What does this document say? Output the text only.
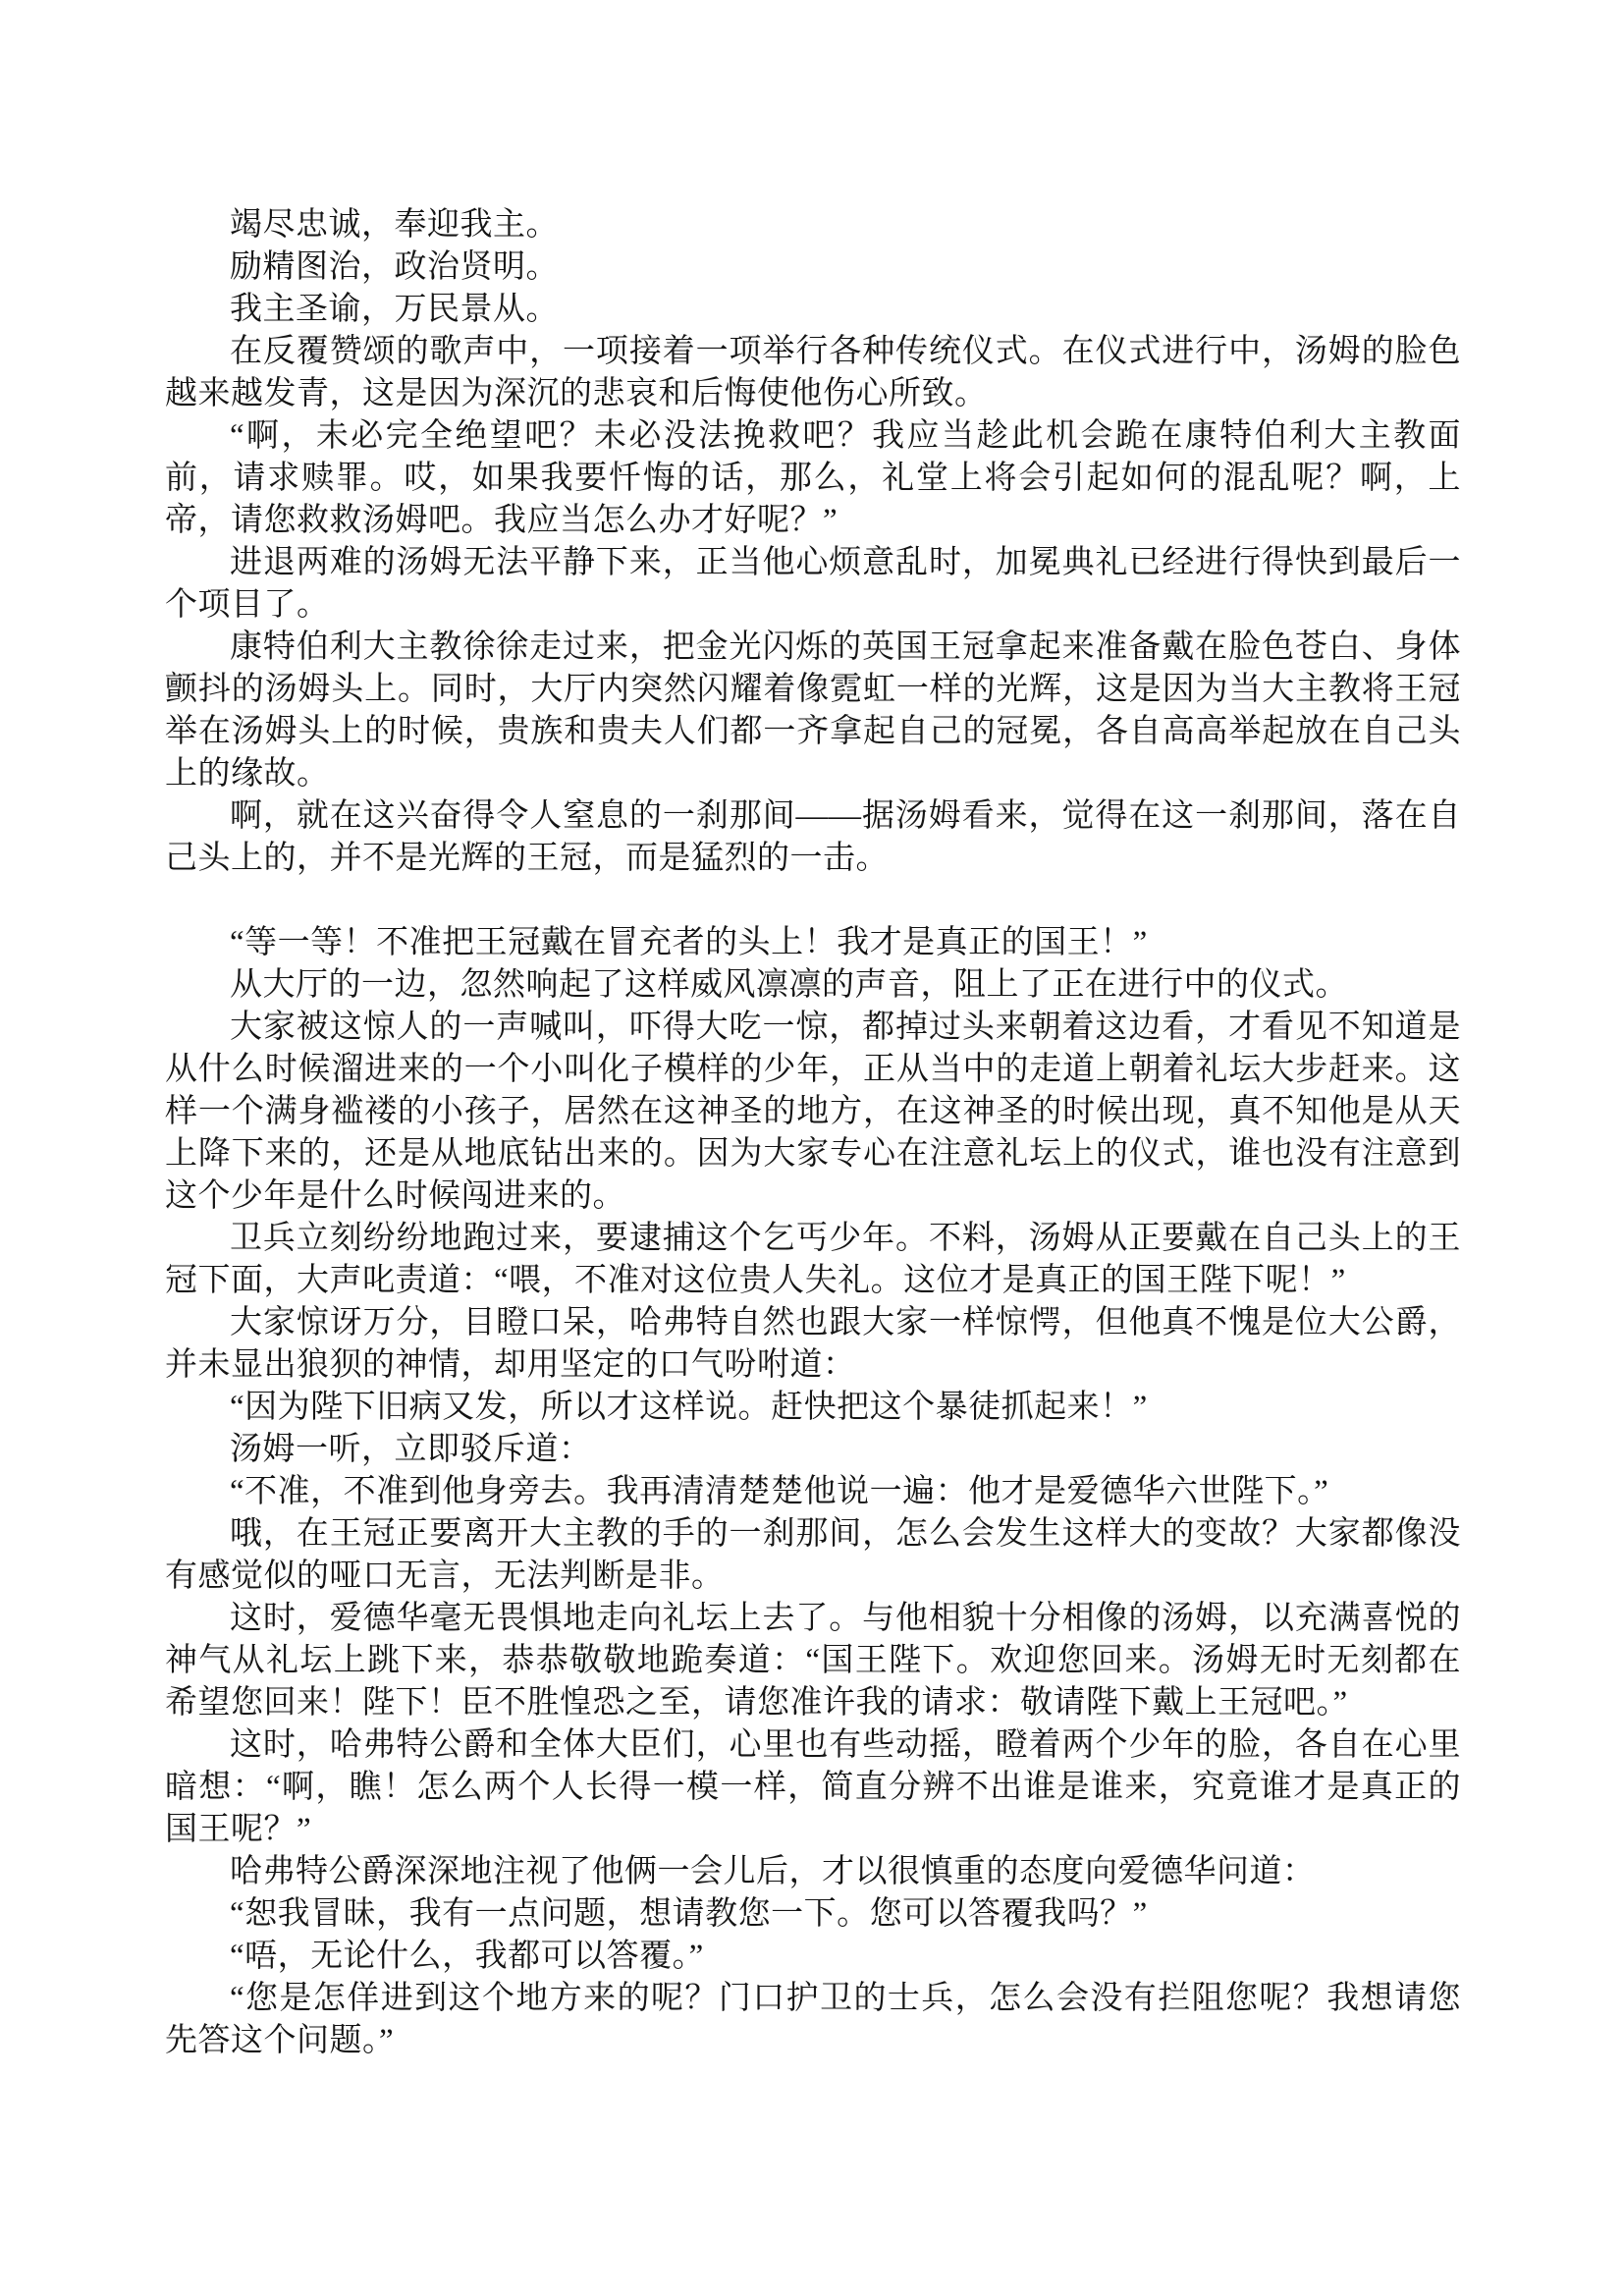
竭尽忠诚，奉迎我主。

励精图治，政治贤明。

我主圣谕，万民景从。

在反覆赞颂的歌声中，一项接着一项举行各种传统仪式。在仪式进行中，汤姆的脸色越来越发青，这是因为深沉的悲哀和后悔使他伤心所致。

“啊，未必完全绝望吧？未必没法挽救吧？我应当趁此机会跪在康特伯利大主教面前，请求赎罪。哎，如果我要忏悔的话，那么，礼堂上将会引起如何的混乱呢？啊，上帝，请您救救汤姆吧。我应当怎么办才好呢？”

进退两难的汤姆无法平静下来，正当他心烦意乱时，加冕典礼已经进行得快到最后一个项目了。

康特伯利大主教徐徐走过来，把金光闪烁的英国王冠拿起来准备戴在脸色苍白、身体颤抖的汤姆头上。同时，大厅内突然闪耀着像霓虹一样的光辉，这是因为当大主教将王冠举在汤姆头上的时候，贵族和贵夫人们都一齐拿起自己的冠冕，各自高高举起放在自己头上的缘故。

啊，就在这兴奋得令人窒息的一刹那间——据汤姆看来，觉得在这一刹那间，落在自己头上的，并不是光辉的王冠，而是猛烈的一击。

“等一等！不准把王冠戴在冒充者的头上！我才是真正的国王！”

从大厅的一边，忽然响起了这样威风凛凛的声音，阻上了正在进行中的仪式。

大家被这惊人的一声喊叫，吓得大吃一惊，都掉过头来朝着这边看，才看见不知道是从什么时候溜进来的一个小叫化子模样的少年，正从当中的走道上朝着礼坛大步赶来。这样一个满身褴褛的小孩子，居然在这神圣的地方，在这神圣的时候出现，真不知他是从天上降下来的，还是从地底钻出来的。因为大家专心在注意礼坛上的仪式，谁也没有注意到这个少年是什么时候闯进来的。

卫兵立刻纷纷地跑过来，要逮捕这个乞丐少年。不料，汤姆从正要戴在自己头上的王冠下面，大声叱责道：“喂，不准对这位贵人失礼。这位才是真正的国王陛下呢！”

大家惊讶万分，目瞪口呆，哈弗特自然也跟大家一样惊愕，但他真不愧是位大公爵，并未显出狼狈的神情，却用坚定的口气吩咐道：

“因为陛下旧病又发，所以才这样说。赶快把这个暴徒抓起来！”

汤姆一听，立即驳斥道：

“不准，不准到他身旁去。我再清清楚楚他说一遍：他才是爱德华六世陛下。”

哦，在王冠正要离开大主教的手的一刹那间，怎么会发生这样大的变故？大家都像没有感觉似的哑口无言，无法判断是非。

这时，爱德华毫无畏惧地走向礼坛上去了。与他相貌十分相像的汤姆，以充满喜悦的神气从礼坛上跳下来，恭恭敬敬地跪奏道：“国王陛下。欢迎您回来。汤姆无时无刻都在希望您回来！陛下！臣不胜惶恐之至，请您准许我的请求：敬请陛下戴上王冠吧。”

这时，哈弗特公爵和全体大臣们，心里也有些动摇，瞪着两个少年的脸，各自在心里暗想：“啊，瞧！怎么两个人长得一模一样，简直分辨不出谁是谁来，究竟谁才是真正的国王呢？”

哈弗特公爵深深地注视了他俩一会儿后，才以很慎重的态度向爱德华问道：

“恕我冒昧，我有一点问题，想请教您一下。您可以答覆我吗？”

“唔，无论什么，我都可以答覆。”

“您是怎佯进到这个地方来的呢？门口护卫的士兵，怎么会没有拦阻您呢？我想请您先答这个问题。”
